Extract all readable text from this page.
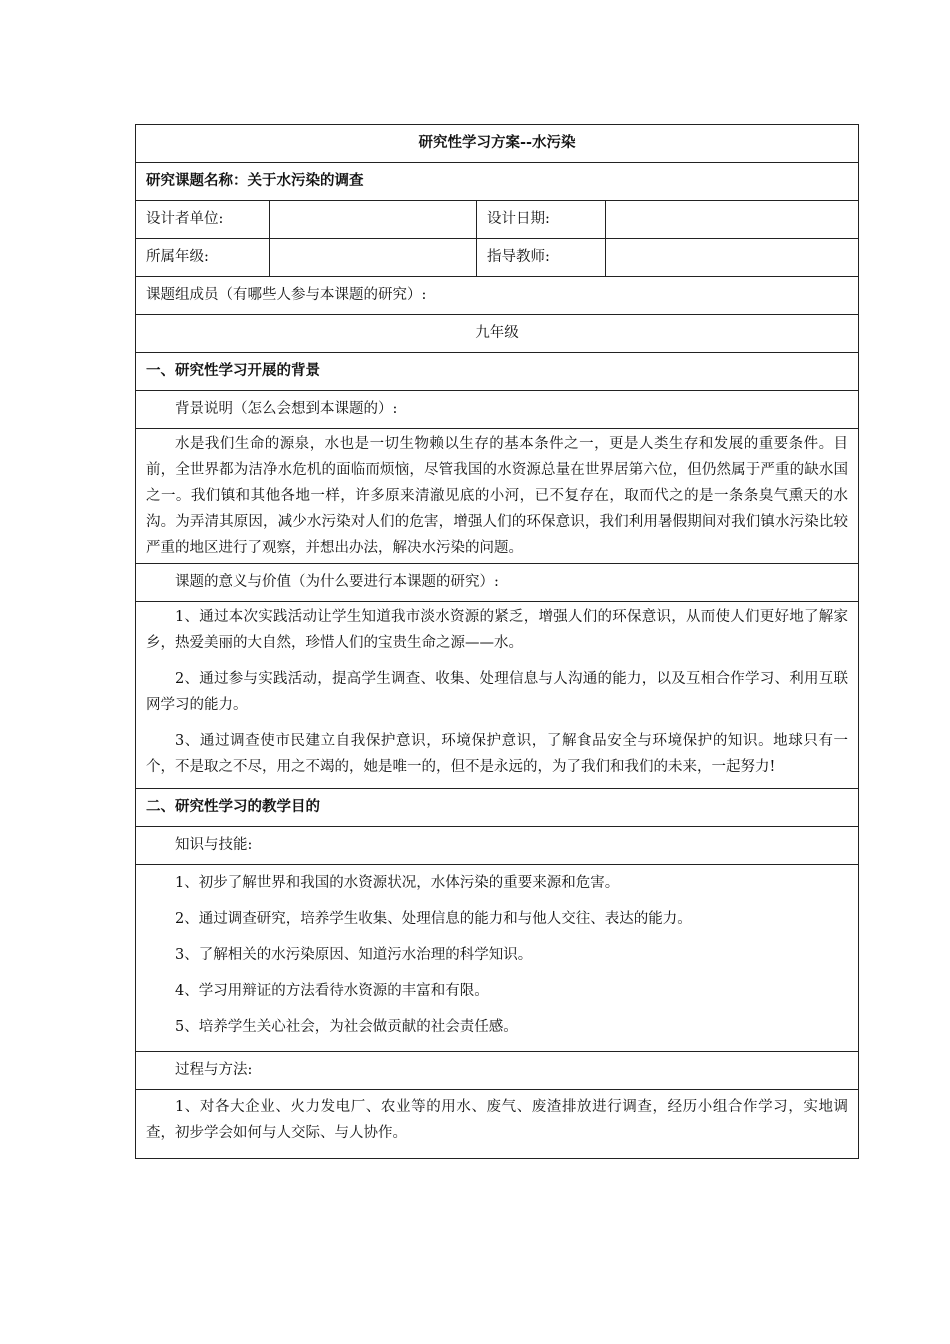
研究性学习方案--水污染			
研究课题名称：关于水污染的调查			
设计者单位:		设计日期:	
所属年级:		指导教师:	
课题组成员（有哪些人参与本课题的研究）:			
九年级			
一、研究性学习开展的背景			
背景说明（怎么会想到本课题的）:			

水是我们生命的源泉，水也是一切生物赖以生存的基本条件之一，更是人类生存和发展的重要条件。目前，全世界都为洁净水危机的面临而烦恼，尽管我国的水资源总量在世界居第六位，但仍然属于严重的缺水国之一。我们镇和其他各地一样，许多原来清澈见底的小河，已不复存在，取而代之的是一条条臭气熏天的水沟。为弄清其原因，减少水污染对人们的危害，增强人们的环保意识，我们利用暑假期间对我们镇水污染比较严重的地区进行了观察，并想出办法，解决水污染的问题。			

课题的意义与价值（为什么要进行本课题的研究）:			

1、通过本次实践活动让学生知道我市淡水资源的紧乏，增强人们的环保意识，从而使人们更好地了解家乡，热爱美丽的大自然，珍惜人们的宝贵生命之源——水。

2、通过参与实践活动，提高学生调查、收集、处理信息与人沟通的能力，以及互相合作学习、利用互联网学习的能力。

3、通过调查使市民建立自我保护意识，环境保护意识，了解食品安全与环境保护的知识。地球只有一个，不是取之不尽，用之不竭的，她是唯一的，但不是永远的，为了我们和我们的未来，一起努力!			

二、研究性学习的教学目的			
知识与技能:			

1、初步了解世界和我国的水资源状况，水体污染的重要来源和危害。

2、通过调查研究，培养学生收集、处理信息的能力和与他人交往、表达的能力。

3、了解相关的水污染原因、知道污水治理的科学知识。

4、学习用辩证的方法看待水资源的丰富和有限。

5、培养学生关心社会，为社会做贡献的社会责任感。			

过程与方法:			

1、对各大企业、火力发电厂、农业等的用水、废气、废渣排放进行调查，经历小组合作学习，实地调查，初步学会如何与人交际、与人协作。			
